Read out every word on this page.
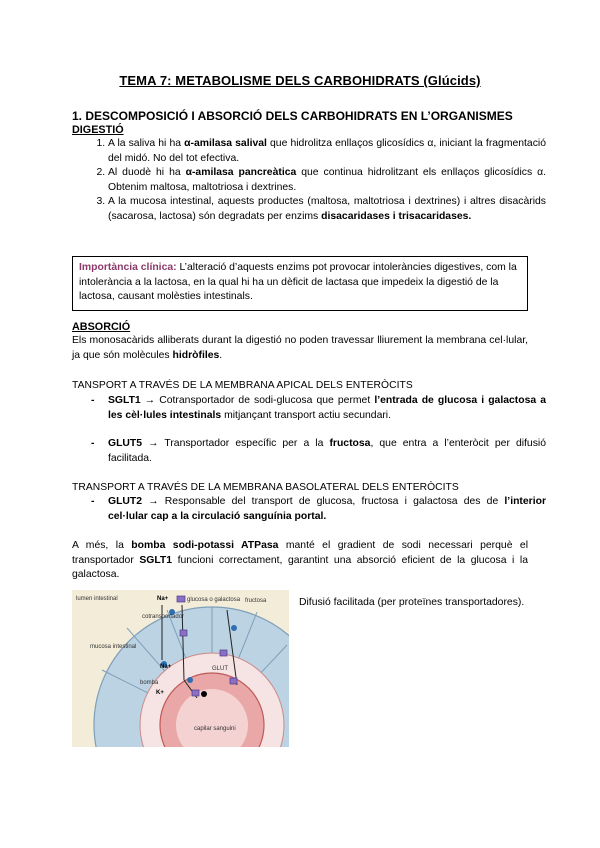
TEMA 7: METABOLISME DELS CARBOHIDRATS (Glúcids)
1. DESCOMPOSICIÓ I ABSORCIÓ DELS CARBOHIDRATS EN L’ORGANISMES
DIGESTIÓ
1. A la saliva hi ha α-amilasa salival que hidrolitza enllaços glicosídics α, iniciant la fragmentació del midó. No del tot efectiva.
2. Al duodè hi ha α-amilasa pancreàtica que continua hidrolitzant els enllaços glicosídics α. Obtenim maltosa, maltotriosa i dextrines.
3. A la mucosa intestinal, aquests productes (maltosa, maltotriosa i dextrines) i altres disacàrids (sacarosa, lactosa) són degradats per enzims disacaridases i trisacaridases.
Importància clínica: L’alteració d’aquests enzims pot provocar intoleràncies digestives, com la intolerància a la lactosa, en la qual hi ha un dèficit de lactasa que impedeix la digestió de la lactosa, causant molèsties intestinals.
ABSORCIÓ

Els monosacàrids alliberats durant la digestió no poden travessar lliurement la membrana cel·lular, ja que són molècules hidròfiles.

TANSPORT A TRAVÉS DE LA MEMBRANA APICAL DELS ENTERÒCITS
- SGLT1 → Cotransportador de sodi-glucosa que permet l’entrada de glucosa i galactosa a les cèl·lules intestinals mitjançant transport actiu secundari.
- GLUT5 → Transportador específic per a la fructosa, que entra a l’enteròcit per difusió facilitada.
TRANSPORT A TRAVÉS DE LA MEMBRANA BASOLATERAL DELS ENTERÒCITS
- GLUT2 → Responsable del transport de glucosa, fructosa i galactosa des de l’interior cel·lular cap a la circulació sanguínia portal.

A més, la bomba sodi-potassi ATPasa manté el gradient de sodi necessari perquè el transportador SGLT1 funcioni correctament, garantint una absorció eficient de la glucosa i la galactosa.

lumen intestinal
cotransportador
glucosa o galactosa fructosa
mucosa intestinal
Na+
Na+
K+
bomba
GLUT
capilar sanguini
Difusió facilitada (per proteïnes transportadores).
